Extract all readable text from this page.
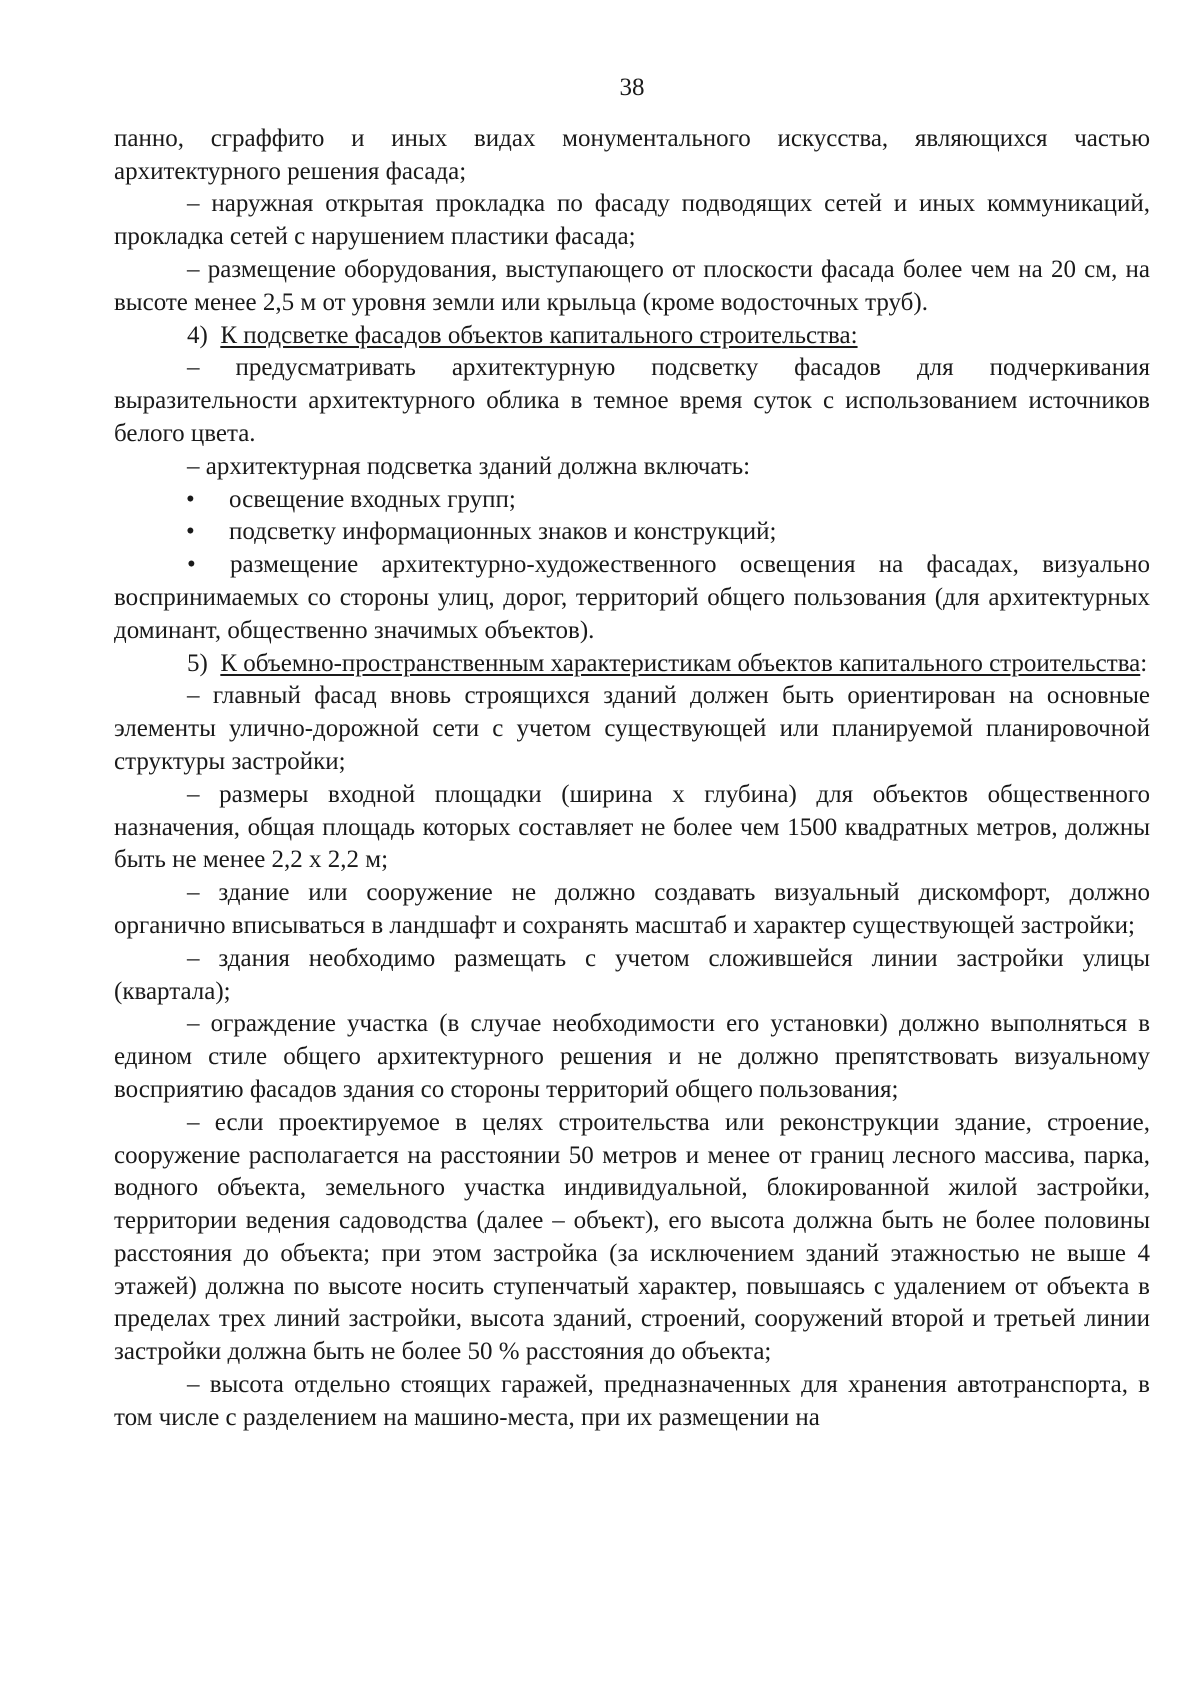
38

панно, сграффито и иных видах монументального искусства, являющихся частью архитектурного решения фасада;

– наружная открытая прокладка по фасаду подводящих сетей и иных коммуникаций, прокладка сетей с нарушением пластики фасада;

– размещение оборудования, выступающего от плоскости фасада более чем на 20 см, на высоте менее 2,5 м от уровня земли или крыльца (кроме водосточных труб).

4) К подсветке фасадов объектов капитального строительства:

– предусматривать архитектурную подсветку фасадов для подчеркивания выразительности архитектурного облика в темное время суток с использованием источников белого цвета.

– архитектурная подсветка зданий должна включать:

•	освещение входных групп;
•	подсветку информационных знаков и конструкций;

• размещение архитектурно-художественного освещения на фасадах, визуально воспринимаемых со стороны улиц, дорог, территорий общего пользования (для архитектурных доминант, общественно значимых объектов).

5) К объемно-пространственным характеристикам объектов капитального строительства:

– главный фасад вновь строящихся зданий должен быть ориентирован на основные элементы улично-дорожной сети с учетом существующей или планируемой планировочной структуры застройки;

– размеры входной площадки (ширина х глубина) для объектов общественного назначения, общая площадь которых составляет не более чем 1500 квадратных метров, должны быть не менее 2,2 х 2,2 м;

– здание или сооружение не должно создавать визуальный дискомфорт, должно органично вписываться в ландшафт и сохранять масштаб и характер существующей застройки;

– здания необходимо размещать с учетом сложившейся линии застройки улицы (квартала);

– ограждение участка (в случае необходимости его установки) должно выполняться в едином стиле общего архитектурного решения и не должно препятствовать визуальному восприятию фасадов здания со стороны территорий общего пользования;

– если проектируемое в целях строительства или реконструкции здание, строение, сооружение располагается на расстоянии 50 метров и менее от границ лесного массива, парка, водного объекта, земельного участка индивидуальной, блокированной жилой застройки, территории ведения садоводства (далее – объект), его высота должна быть не более половины расстояния до объекта; при этом застройка (за исключением зданий этажностью не выше 4 этажей) должна по высоте носить ступенчатый характер, повышаясь с удалением от объекта в пределах трех линий застройки, высота зданий, строений, сооружений второй и третьей линии застройки должна быть не более 50 % расстояния до объекта;

– высота отдельно стоящих гаражей, предназначенных для хранения автотранспорта, в том числе с разделением на машино-места, при их размещении на
